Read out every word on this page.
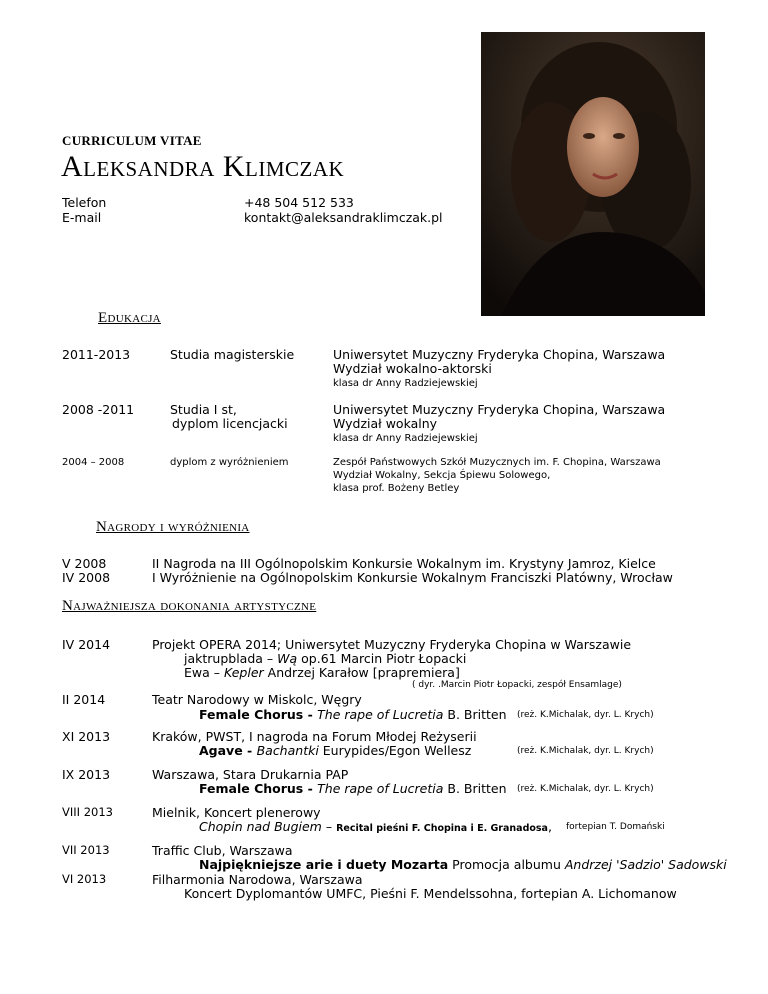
CURRICULUM VITAE
Aleksandra Klimczak
Telefon	+48 504 512 533
E-mail	kontakt@aleksandraklimczak.pl
Edukacja
2011-2013	Studia magisterskie	Uniwersytet Muzyczny Fryderyka Chopina, Warszawa
Wydział wokalno-aktorski
klasa dr Anny Radziejewskiej
2008 -2011	Studia I st,
dyplom licencjacki
Uniwersytet Muzyczny Fryderyka Chopina, Warszawa
Wydział wokalny
klasa dr Anny Radziejewskiej
2004 – 2008	dyplom z wyróżnieniem	Zespół Państwowych Szkół Muzycznych im. F. Chopina, Warszawa
Wydział Wokalny, Sekcja Śpiewu Solowego,
klasa prof. Bożeny Betley
Nagrody i wyróżnienia
V 2008	II Nagroda na III Ogólnopolskim Konkursie Wokalnym im. Krystyny Jamroz, Kielce
IV 2008	I Wyróżnienie na Ogólnopolskim Konkursie Wokalnym Franciszki Platówny, Wrocław
Najważniejsza dokonania artystyczne
IV 2014	Projekt OPERA 2014; Uniwersytet Muzyczny Fryderyka Chopina w Warszawie
jaktrupblada – Wą op.61 Marcin Piotr Łopacki
Ewa – Kepler Andrzej Karałow [prapremiera]
( dyr. .Marcin Piotr Łopacki, zespół Ensamlage)
II 2014	Teatr Narodowy w Miskolc, Węgry
Female Chorus - The rape of Lucretia B. Britten (reż. K.Michalak, dyr. L. Krych)
XI 2013	Kraków, PWST, I nagroda na Forum Młodej Reżyserii
Agave - Bachantki Eurypides/Egon Wellesz	(reż. K.Michalak, dyr. L. Krych)
IX 2013	Warszawa, Stara Drukarnia PAP
Female Chorus - The rape of Lucretia B. Britten (reż. K.Michalak, dyr. L. Krych)
VIII 2013	Mielnik, Koncert plenerowy
Chopin nad Bugiem – Recital pieśni F. Chopina i E. Granadosa, fortepian T. Domański
VII 2013	Traffic Club, Warszawa
Najpiękniejsze arie i duety Mozarta Promocja albumu Andrzej 'Sadzio' Sadowski
VI 2013	Filharmonia Narodowa, Warszawa
Koncert Dyplomantów UMFC, Pieśni F. Mendelssohna, fortepian A. Lichomanow
